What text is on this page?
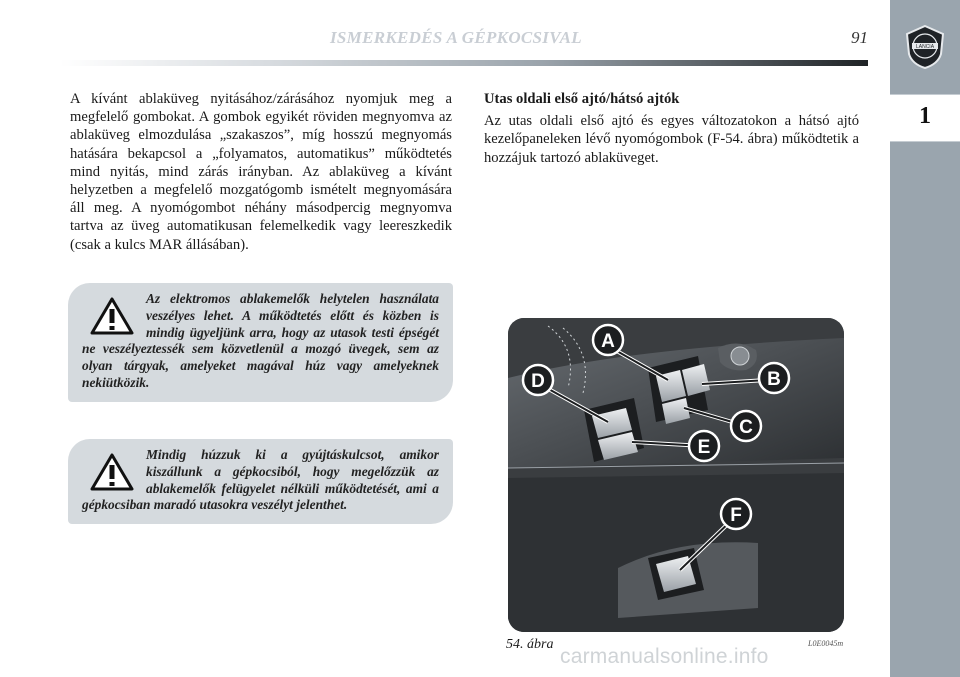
LANCIA
1
ISMERKEDÉS A GÉPKOCSIVAL	91

A kívánt ablaküveg nyitásához/zárásához nyomjuk meg a megfelelő gombokat. A gombok egyikét röviden megnyomva az ablaküveg elmozdulása „szakaszos”, míg hosszú megnyomás hatására bekapcsol a „folyamatos, automatikus” működtetés mind nyitás, mind zárás irányban. Az ablaküveg a kívánt helyzetben a megfelelő mozgatógomb ismételt megnyomására áll meg. A nyomógombot néhány másodpercig megnyomva tartva az üveg automatikusan felemelkedik vagy leereszkedik (csak a kulcs MAR állásában).

Az elektromos ablakemelők helytelen használata veszélyes lehet. A működtetés előtt és közben is mindig ügyeljünk arra, hogy az utasok testi épségét ne veszélyeztessék sem közvetlenül a mozgó üvegek, sem az olyan tárgyak, amelyeket magával húz vagy amelyeknek nekiütközik.

Mindig húzzuk ki a gyújtáskulcsot, amikor kiszállunk a gépkocsiból, hogy megelőzzük az ablakemelők felügyelet nélküli működtetését, ami a gépkocsiban maradó utasokra veszélyt jelenthet.

Utas oldali első ajtó/hátsó ajtók

Az utas oldali első ajtó és egyes változatokon a hátsó ajtó kezelőpaneleken lévő nyomógombok (F-54. ábra) működtetik a hozzájuk tartozó ablaküveget.

A
B
C
D
E
F
54. ábra	L0E0045m
carmanualsonline.info
